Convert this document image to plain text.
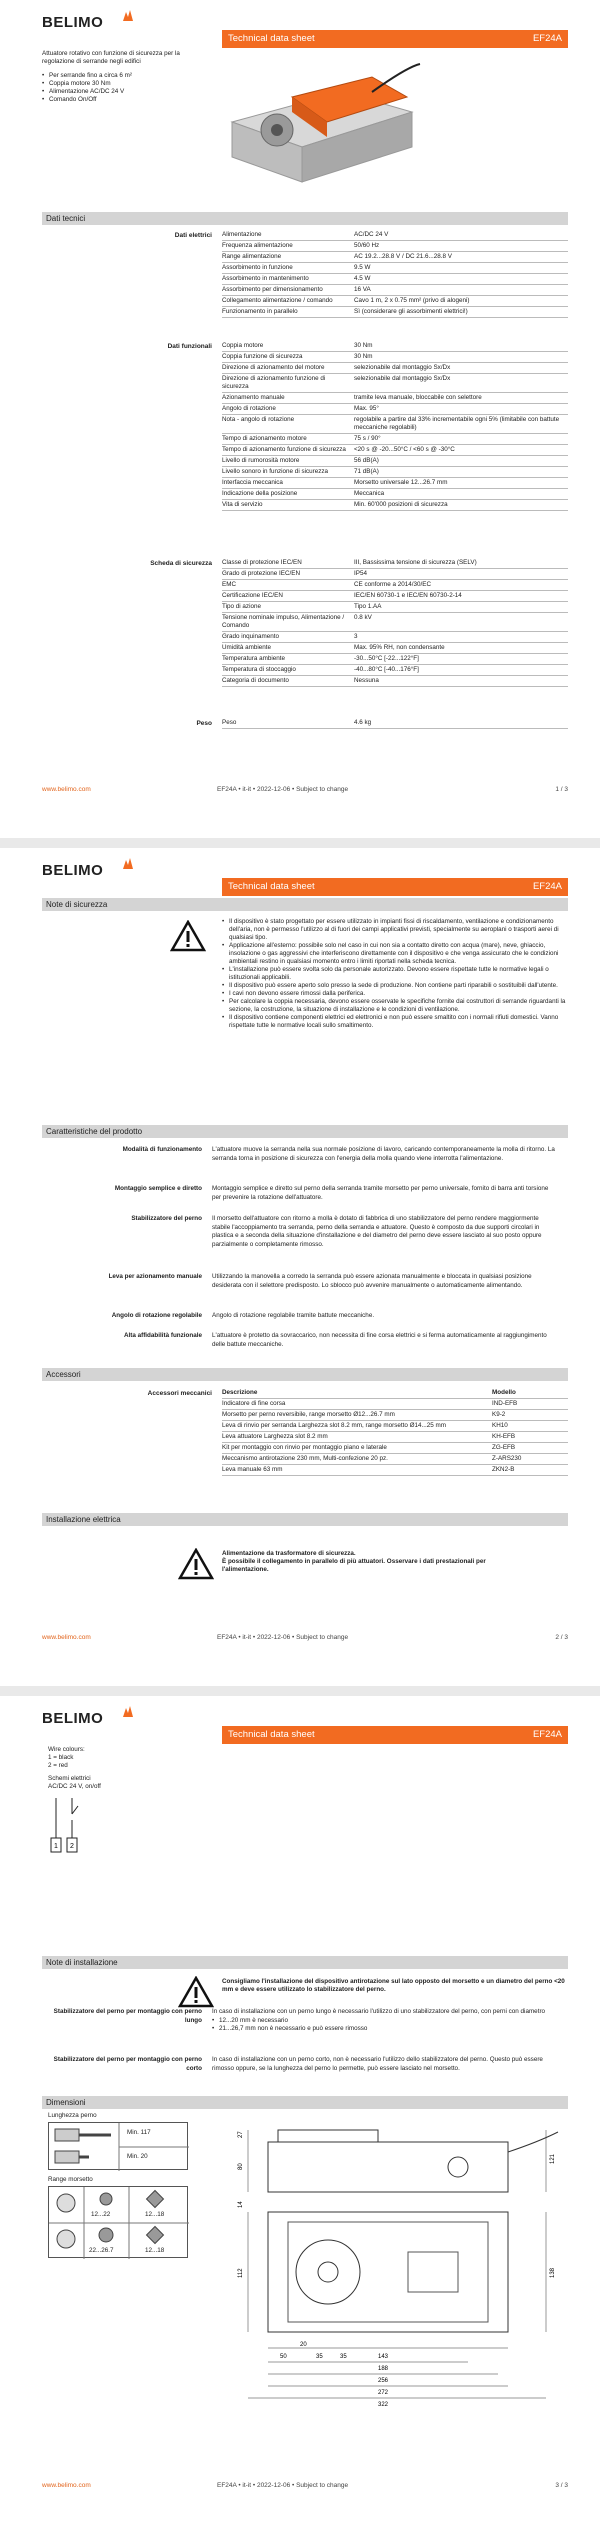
BELIMO
Technical data sheet	EF24A
Attuatore rotativo con funzione di sicurezza per la regolazione di serrande negli edifici
• Per serrande fino a circa 6 m²
• Coppia motore 30 Nm
• Alimentazione AC/DC 24 V
• Comando On/Off
Dati tecnici
Dati elettrici Alimentazione	AC/DC 24 V
Frequenza alimentazione	50/60 Hz
Range alimentazione	AC 19.2...28.8 V / DC 21.6...28.8 V
Assorbimento in funzione	9.5 W
Assorbimento in mantenimento	4.5 W
Assorbimento per dimensionamento	16 VA
Collegamento alimentazione / comando	Cavo 1 m, 2 x 0.75 mm² (privo di alogeni)
Funzionamento in parallelo	Sì (considerare gli assorbimenti elettrici!)
Dati funzionali Coppia motore	30 Nm
Coppia funzione di sicurezza	30 Nm
Direzione di azionamento del motore	selezionabile dal montaggio Sx/Dx
Direzione di azionamento funzione di sicurezza
selezionabile dal montaggio Sx/Dx
Azionamento manuale	tramite leva manuale, bloccabile con selettore
Angolo di rotazione	Max. 95°
Nota - angolo di rotazione	regolabile a partire dal 33% incrementabile ogni 5% (limitabile con battute meccaniche regolabili)
Tempo di azionamento motore	75 s / 90°
Tempo di azionamento funzione di sicurezza	<20 s @ -20...50°C / <60 s @ -30°C
Livello di rumorosità motore	56 dB(A)
Livello sonoro in funzione di sicurezza	71 dB(A)
Interfaccia meccanica	Morsetto universale 12...26.7 mm
Indicazione della posizione	Meccanica
Vita di servizio	Min. 60'000 posizioni di sicurezza
Scheda di sicurezza Classe di protezione IEC/EN	III, Bassissima tensione di sicurezza (SELV)
Grado di protezione IEC/EN	IP54
EMC	CE conforme a 2014/30/EC
Certificazione IEC/EN	IEC/EN 60730-1 e IEC/EN 60730-2-14
Tipo di azione	Tipo 1.AA
Tensione nominale impulso, Alimentazione / Comando
0.8 kV
Grado inquinamento	3
Umidità ambiente	Max. 95% RH, non condensante
Temperatura ambiente	-30...50°C [-22...122°F]
Temperatura di stoccaggio	-40...80°C [-40...176°F]
Categoria di documento	Nessuna
Peso Peso	4.6 kg
www.belimo.com	EF24A • it-it • 2022-12-06 • Subject to change	1 / 3
BELIMO
Technical data sheet	EF24A
Note di sicurezza
• Il dispositivo è stato progettato per essere utilizzato in impianti fissi di riscaldamento, ventilazione e condizionamento dell'aria, non è permesso l'utilizzo al di fuori dei campi applicativi previsti, specialmente su aeroplani o trasporti aerei di qualsiasi tipo.
• Applicazione all'esterno: possibile solo nel caso in cui non sia a contatto diretto con acqua (mare), neve, ghiaccio, insolazione o gas aggressivi che interferiscono direttamente con il dispositivo e che venga assicurato che le condizioni ambientali restino in qualsiasi momento entro i limiti riportati nella scheda tecnica.
• L'installazione può essere svolta solo da personale autorizzato. Devono essere rispettate tutte le normative legali o istituzionali applicabili.
• Il dispositivo può essere aperto solo presso la sede di produzione. Non contiene parti riparabili o sostituibili dall'utente.
• I cavi non devono essere rimossi dalla periferica.
• Per calcolare la coppia necessaria, devono essere osservate le specifiche fornite dai costruttori di serrande riguardanti la sezione, la costruzione, la situazione di installazione e le condizioni di ventilazione.
• Il dispositivo contiene componenti elettrici ed elettronici e non può essere smaltito con i normali rifiuti domestici. Vanno rispettate tutte le normative locali sullo smaltimento.
Caratteristiche del prodotto
Modalità di funzionamento	L'attuatore muove la serranda nella sua normale posizione di lavoro, caricando contemporaneamente la molla di ritorno. La serranda torna in posizione di sicurezza con l'energia della molla quando viene interrotta l'alimentazione.
Montaggio semplice e diretto	Montaggio semplice e diretto sul perno della serranda tramite morsetto per perno universale, fornito di barra anti torsione per prevenire la rotazione dell'attuatore.
Stabilizzatore del perno	Il morsetto dell'attuatore con ritorno a molla è dotato di fabbrica di uno stabilizzatore del perno rendere maggiormente stabile l'accoppiamento tra serranda, perno della serranda e attuatore. Questo è composto da due supporti circolari in plastica e a seconda della situazione d'installazione e del diametro del perno deve essere lasciato al suo posto oppure parzialmente o completamente rimosso.
Leva per azionamento manuale	Utilizzando la manovella a corredo la serranda può essere azionata manualmente e bloccata in qualsiasi posizione desiderata con il selettore predisposto. Lo sblocco può avvenire manualmente o automaticamente alimentando.
Angolo di rotazione regolabile	Angolo di rotazione regolabile tramite battute meccaniche.
Alta affidabilità funzionale	L'attuatore è protetto da sovraccarico, non necessita di fine corsa elettrici e si ferma automaticamente al raggiungimento delle battute meccaniche.
Accessori
Accessori meccanici Descrizione	Modello
Indicatore di fine corsa	IND-EFB
Morsetto per perno reversibile, range morsetto Ø12...26.7 mm	K9-2
Leva di rinvio per serranda Larghezza slot 8.2 mm, range morsetto Ø14...25 mm	KH10
Leva attuatore Larghezza slot 8.2 mm	KH-EFB
Kit per montaggio con rinvio per montaggio piano e laterale	ZG-EFB
Meccanismo antirotazione 230 mm, Multi-confezione 20 pz.	Z-ARS230
Leva manuale 63 mm	ZKN2-B
Installazione elettrica
Alimentazione da trasformatore di sicurezza.
È possibile il collegamento in parallelo di più attuatori. Osservare i dati prestazionali per l'alimentazione.
www.belimo.com	EF24A • it-it • 2022-12-06 • Subject to change	2 / 3
BELIMO
Technical data sheet	EF24A
Wire colours:
1 = black
2 = red
Schemi elettrici
AC/DC 24 V, on/off
1 2
Note di installazione
Consigliamo l'installazione del dispositivo antirotazione sul lato opposto del morsetto e un diametro del perno <20 mm e deve essere utilizzato lo stabilizzatore del perno.
Stabilizzatore del perno per montaggio con perno lungo
In caso di installazione con un perno lungo è necessario l'utilizzo di uno stabilizzatore del perno, con perni con diametro
• 12...20 mm è necessario
• 21...26,7 mm non è necessario e può essere rimosso
Stabilizzatore del perno per montaggio con perno corto
In caso di installazione con un perno corto, non è necessario l'utilizzo dello stabilizzatore del perno. Questo può essere rimosso oppure, se la lunghezza del perno lo permette, può essere lasciato nel morsetto.
Dimensioni
Lunghezza perno
Min. 117
Min. 20
Range morsetto
12...22	12...18
22...26.7	12...18
27
80
121
14
112	138
20
50	35	35	143
188
256
272
322
www.belimo.com	EF24A • it-it • 2022-12-06 • Subject to change	3 / 3
